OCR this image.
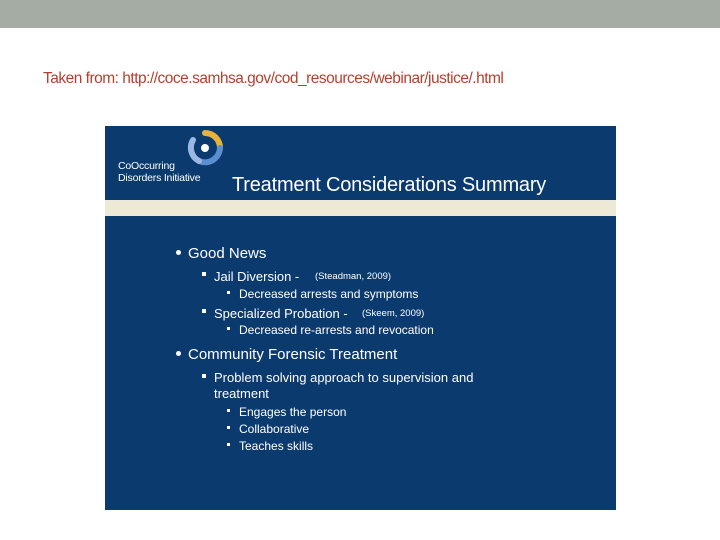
Taken from: http://coce.samhsa.gov/cod_resources/webinar/justice/.html
CoOccurring
Disorders Initiative Treatment Considerations Summary
Good News
Jail Diversion - (Steadman, 2009)
Decreased arrests and symptoms
Specialized Probation - (Skeem, 2009)
Decreased re-arrests and revocation
Community Forensic Treatment
Problem solving approach to supervision and
treatment
Engages the person
Collaborative
Teaches skills
